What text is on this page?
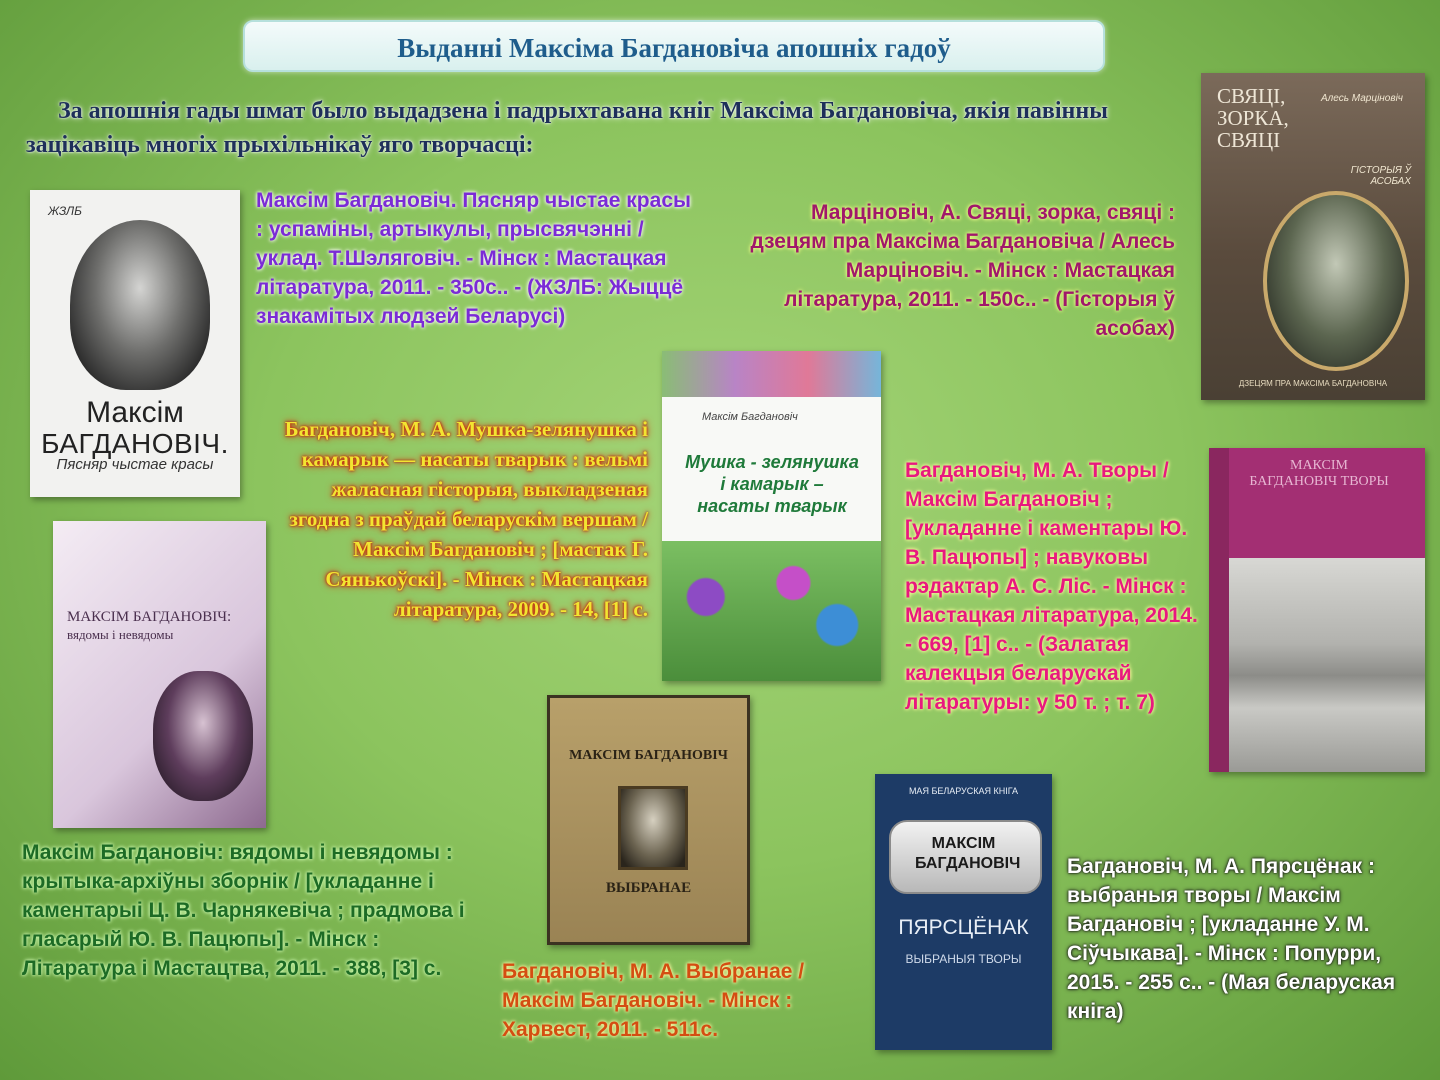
Выданні Максіма Багдановіча апошніх гадоў
За апошнія гады шмат было выдадзена і падрыхтавана кніг Максіма Багдановіча, якія павінны зацікавіць многіх прыхільнікаў яго творчасці:
ЖЗЛБ
Максім
БАГДАНОВІЧ.
Пясняр чыстае красы
СВЯЦІ, ЗОРКА, СВЯЦІ
Алесь Марціновіч
ГІСТОРЫЯ Ў АСОБАХ
ДЗЕЦЯМ ПРА МАКСІМА БАГДАНОВІЧА
Максім Багдановіч
Мушка - зелянушка і камарык – насаты тварык
МАКСІМ БАГДАНОВІЧ ТВОРЫ
МАКСІМ БАГДАНОВІЧ:
вядомы і невядомы
МАКСІМ БАГДАНОВІЧ
ВЫБРАНАЕ
МАЯ БЕЛАРУСКАЯ КНІГА
МАКСІМ БАГДАНОВІЧ
ПЯРСЦЁНАК
ВЫБРАНЫЯ ТВОРЫ
Максім Багдановіч. Пясняр чыстае красы : успаміны, артыкулы, прысвячэнні / уклад. Т.Шэляговіч. - Мінск : Мастацкая літаратура, 2011. - 350с.. - (ЖЗЛБ: Жыццё знакамітых людзей Беларусі)
Марціновіч, А. Свяці, зорка, свяці : дзецям пра Максіма Багдановіча / Алесь Марціновіч. - Мінск : Мастацкая літаратура, 2011. - 150с.. - (Гісторыя ў асобах)
Багдановіч, М. А. Мушка-зелянушка і камарык — насаты тварык : вельмі жаласная гісторыя, выкладзеная згодна з праўдай беларускім вершам / Максім Багдановіч ; [мастак Г. Сянькоўскі]. - Мінск : Мастацкая літаратура, 2009. - 14, [1] с.
Багдановіч, М. А. Творы / Максім Багдановіч ; [укладанне і каментары Ю. В. Пацюпы] ; навуковы рэдактар А. С. Ліс. - Мінск : Мастацкая літаратура, 2014. - 669, [1] с.. - (Залатая калекцыя беларускай літаратуры: у 50 т. ; т. 7)
Максім Багдановіч: вядомы і невядомы : крытыка-архіўны зборнік / [укладанне і каментарыі Ц. В. Чарнякевіча ; прадмова і гласарый Ю. В. Пацюпы]. - Мінск : Літаратура і Мастацтва, 2011. - 388, [3] с.	Багдановіч, М. А. Выбранае / Максім Багдановіч. - Мінск : Харвест, 2011. - 511с.
Багдановіч, М. А. Пярсцёнак : выбраныя творы / Максім Багдановіч ; [укладанне У. М. Сіўчыкава]. - Мінск : Попурри, 2015. - 255 с.. - (Мая беларуская кніга)
